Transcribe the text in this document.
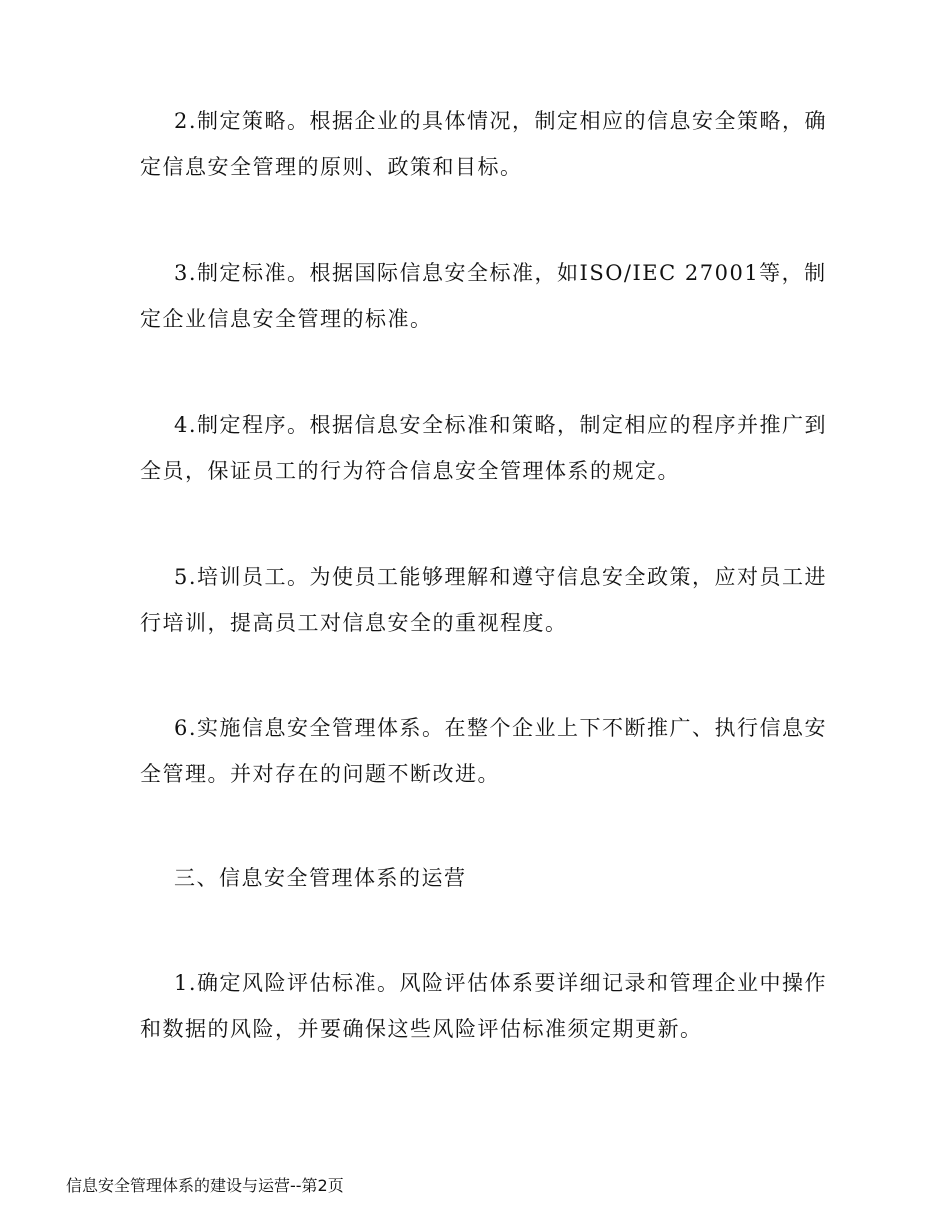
2.制定策略。根据企业的具体情况，制定相应的信息安全策略，确定信息安全管理的原则、政策和目标。

3.制定标准。根据国际信息安全标准，如ISO/IEC 27001等，制定企业信息安全管理的标准。

4.制定程序。根据信息安全标准和策略，制定相应的程序并推广到全员，保证员工的行为符合信息安全管理体系的规定。

5.培训员工。为使员工能够理解和遵守信息安全政策，应对员工进行培训，提高员工对信息安全的重视程度。

6.实施信息安全管理体系。在整个企业上下不断推广、执行信息安全管理。并对存在的问题不断改进。

三、信息安全管理体系的运营

1.确定风险评估标准。风险评估体系要详细记录和管理企业中操作和数据的风险，并要确保这些风险评估标准须定期更新。

信息安全管理体系的建设与运营--第2页
